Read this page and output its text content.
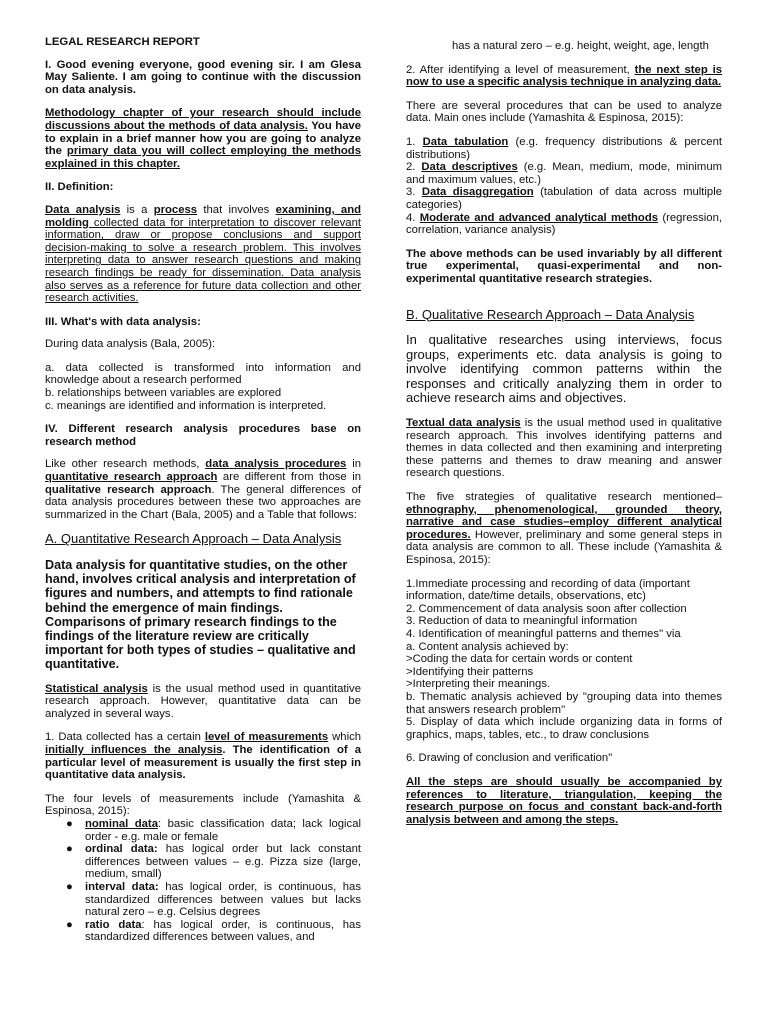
LEGAL RESEARCH REPORT

I. Good evening everyone, good evening sir. I am Glesa May Saliente. I am going to continue with the discussion on data analysis.

Methodology chapter of your research should include discussions about the methods of data analysis. You have to explain in a brief manner how you are going to analyze the primary data you will collect employing the methods explained in this chapter.

II. Definition:

Data analysis is a process that involves examining, and molding collected data for interpretation to discover relevant information, draw or propose conclusions and support decision-making to solve a research problem. This involves interpreting data to answer research questions and making research findings be ready for dissemination. Data analysis also serves as a reference for future data collection and other research activities.

III. What's with data analysis:

During data analysis (Bala, 2005):

a. data collected is transformed into information and knowledge about a research performed

b. relationships between variables are explored

c. meanings are identified and information is interpreted.

IV. Different research analysis procedures base on research method

Like other research methods, data analysis procedures in quantitative research approach are different from those in qualitative research approach. The general differences of data analysis procedures between these two approaches are summarized in the Chart (Bala, 2005) and a Table that follows:

A. Quantitative Research Approach – Data Analysis

Data analysis for quantitative studies, on the other hand, involves critical analysis and interpretation of figures and numbers, and attempts to find rationale behind the emergence of main findings. Comparisons of primary research findings to the findings of the literature review are critically important for both types of studies – qualitative and quantitative.

Statistical analysis is the usual method used in quantitative research approach. However, quantitative data can be analyzed in several ways.

1. Data collected has a certain level of measurements which initially influences the analysis. The identification of a particular level of measurement is usually the first step in quantitative data analysis.

The four levels of measurements include (Yamashita & Espinosa, 2015):

● nominal data: basic classification data; lack logical order - e.g. male or female
● ordinal data: has logical order but lack constant differences between values – e.g. Pizza size (large, medium, small)
● interval data: has logical order, is continuous, has standardized differences between values but lacks natural zero – e.g. Celsius degrees
● ratio data: has logical order, is continuous, has standardized differences between values, and

has a natural zero – e.g. height, weight, age, length

2. After identifying a level of measurement, the next step is now to use a specific analysis technique in analyzing data.

There are several procedures that can be used to analyze data. Main ones include (Yamashita & Espinosa, 2015):

1. Data tabulation (e.g. frequency distributions & percent distributions)

2. Data descriptives (e.g. Mean, medium, mode, minimum and maximum values, etc.)

3. Data disaggregation (tabulation of data across multiple categories)

4. Moderate and advanced analytical methods (regression, correlation, variance analysis)

The above methods can be used invariably by all different true experimental, quasi-experimental and non-experimental quantitative research strategies.

B. Qualitative Research Approach – Data Analysis

In qualitative researches using interviews, focus groups, experiments etc. data analysis is going to involve identifying common patterns within the responses and critically analyzing them in order to achieve research aims and objectives.

Textual data analysis is the usual method used in qualitative research approach. This involves identifying patterns and themes in data collected and then examining and interpreting these patterns and themes to draw meaning and answer research questions.

The five strategies of qualitative research mentioned– ethnography, phenomenological, grounded theory, narrative and case studies–employ different analytical procedures. However, preliminary and some general steps in data analysis are common to all. These include (Yamashita & Espinosa, 2015):

1.Immediate processing and recording of data (important information, date/time details, observations, etc)

2. Commencement of data analysis soon after collection

3. Reduction of data to meaningful information

4. Identification of meaningful patterns and themes" via

a. Content analysis achieved by:

>Coding the data for certain words or content

>Identifying their patterns

>Interpreting their meanings.

b. Thematic analysis achieved by "grouping data into themes that answers research problem"

5. Display of data which include organizing data in forms of graphics, maps, tables, etc., to draw conclusions

6. Drawing of conclusion and verification"

All the steps are should usually be accompanied by references to literature, triangulation, keeping the research purpose on focus and constant back-and-forth analysis between and among the steps.
